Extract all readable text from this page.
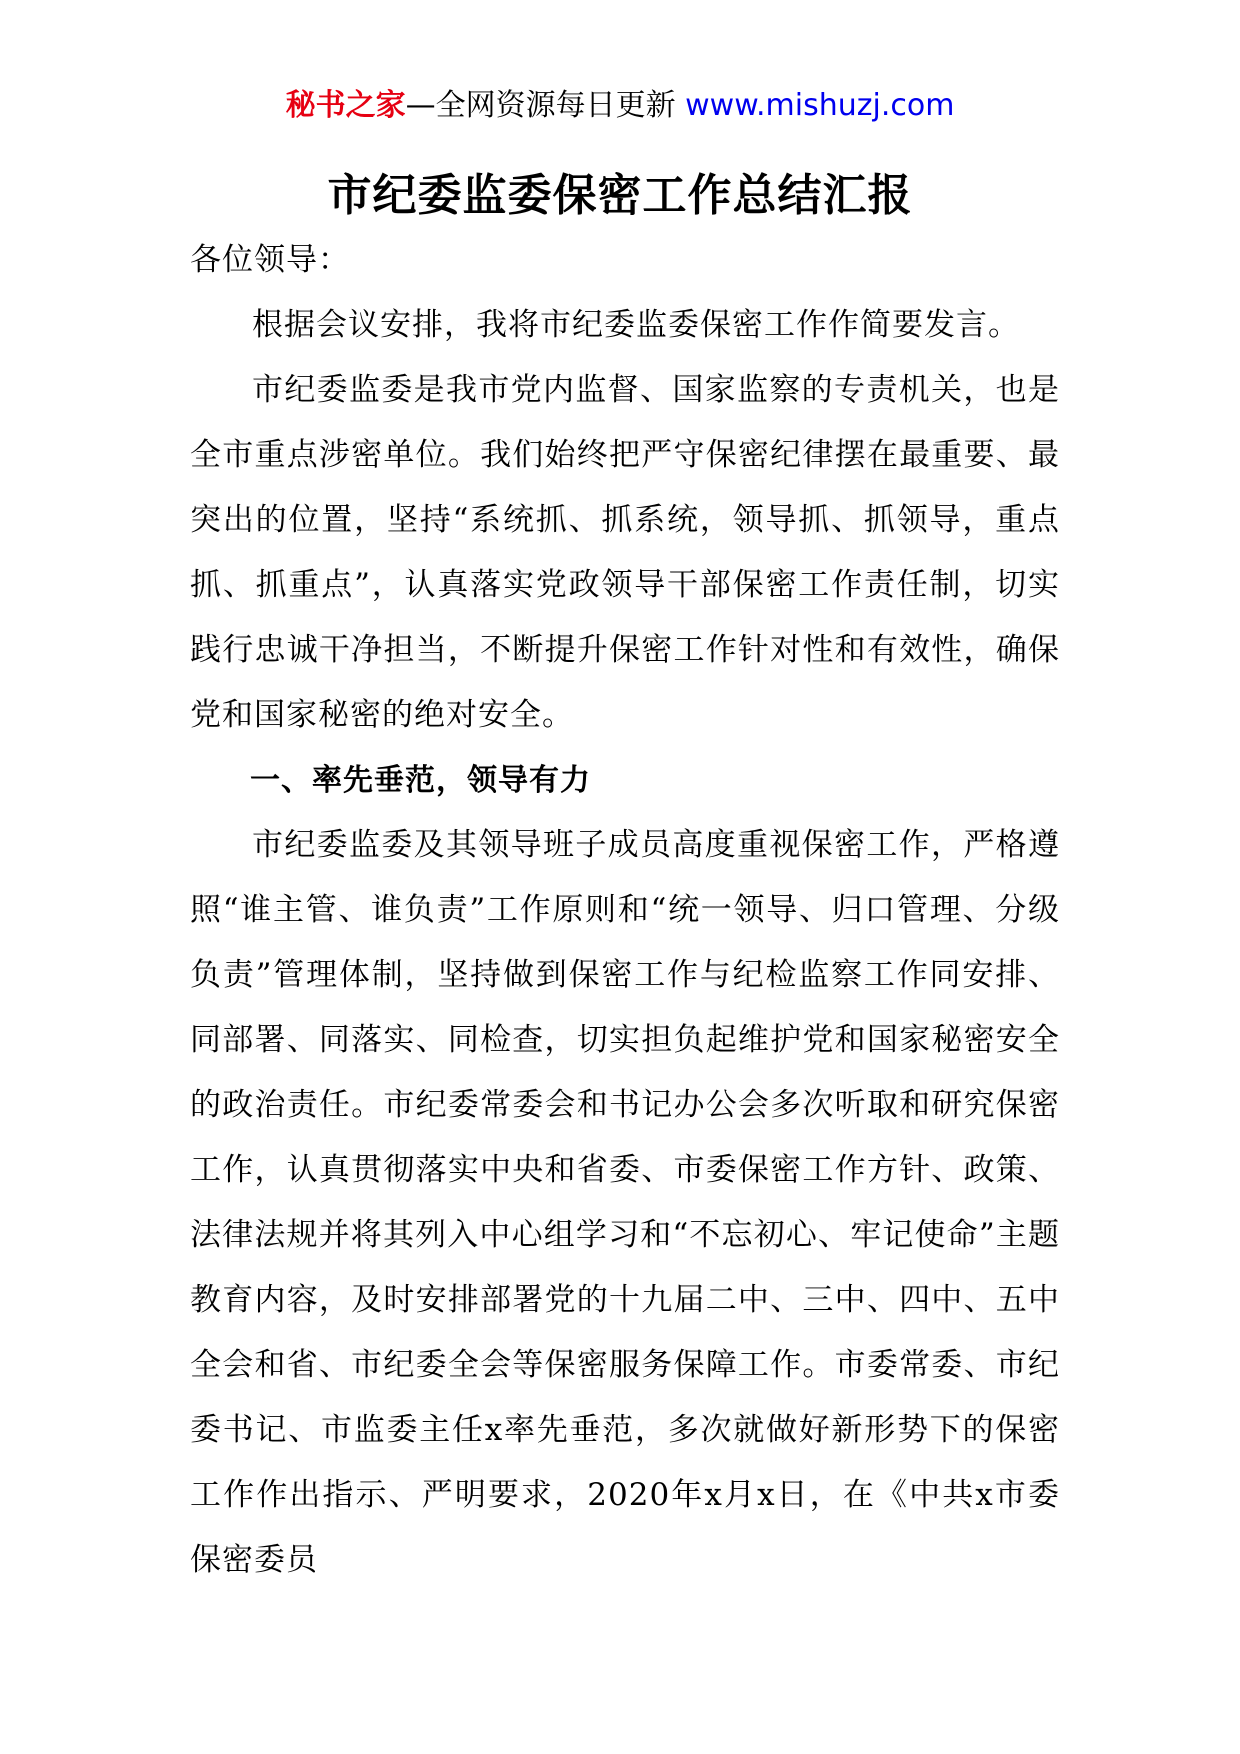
秘书之家—全网资源每日更新 www.mishuzj.com
市纪委监委保密工作总结汇报

各位领导：

根据会议安排，我将市纪委监委保密工作作简要发言。

市纪委监委是我市党内监督、国家监察的专责机关，也是全市重点涉密单位。我们始终把严守保密纪律摆在最重要、最突出的位置，坚持“系统抓、抓系统，领导抓、抓领导，重点抓、抓重点”，认真落实党政领导干部保密工作责任制，切实践行忠诚干净担当，不断提升保密工作针对性和有效性，确保党和国家秘密的绝对安全。

一、率先垂范，领导有力

市纪委监委及其领导班子成员高度重视保密工作，严格遵照“谁主管、谁负责”工作原则和“统一领导、归口管理、分级负责”管理体制，坚持做到保密工作与纪检监察工作同安排、同部署、同落实、同检查，切实担负起维护党和国家秘密安全的政治责任。市纪委常委会和书记办公会多次听取和研究保密工作，认真贯彻落实中央和省委、市委保密工作方针、政策、法律法规并将其列入中心组学习和“不忘初心、牢记使命”主题教育内容，及时安排部署党的十九届二中、三中、四中、五中全会和省、市纪委全会等保密服务保障工作。市委常委、市纪委书记、市监委主任x率先垂范，多次就做好新形势下的保密工作作出指示、严明要求，2020年x月x日，在《中共x市委保密委员
